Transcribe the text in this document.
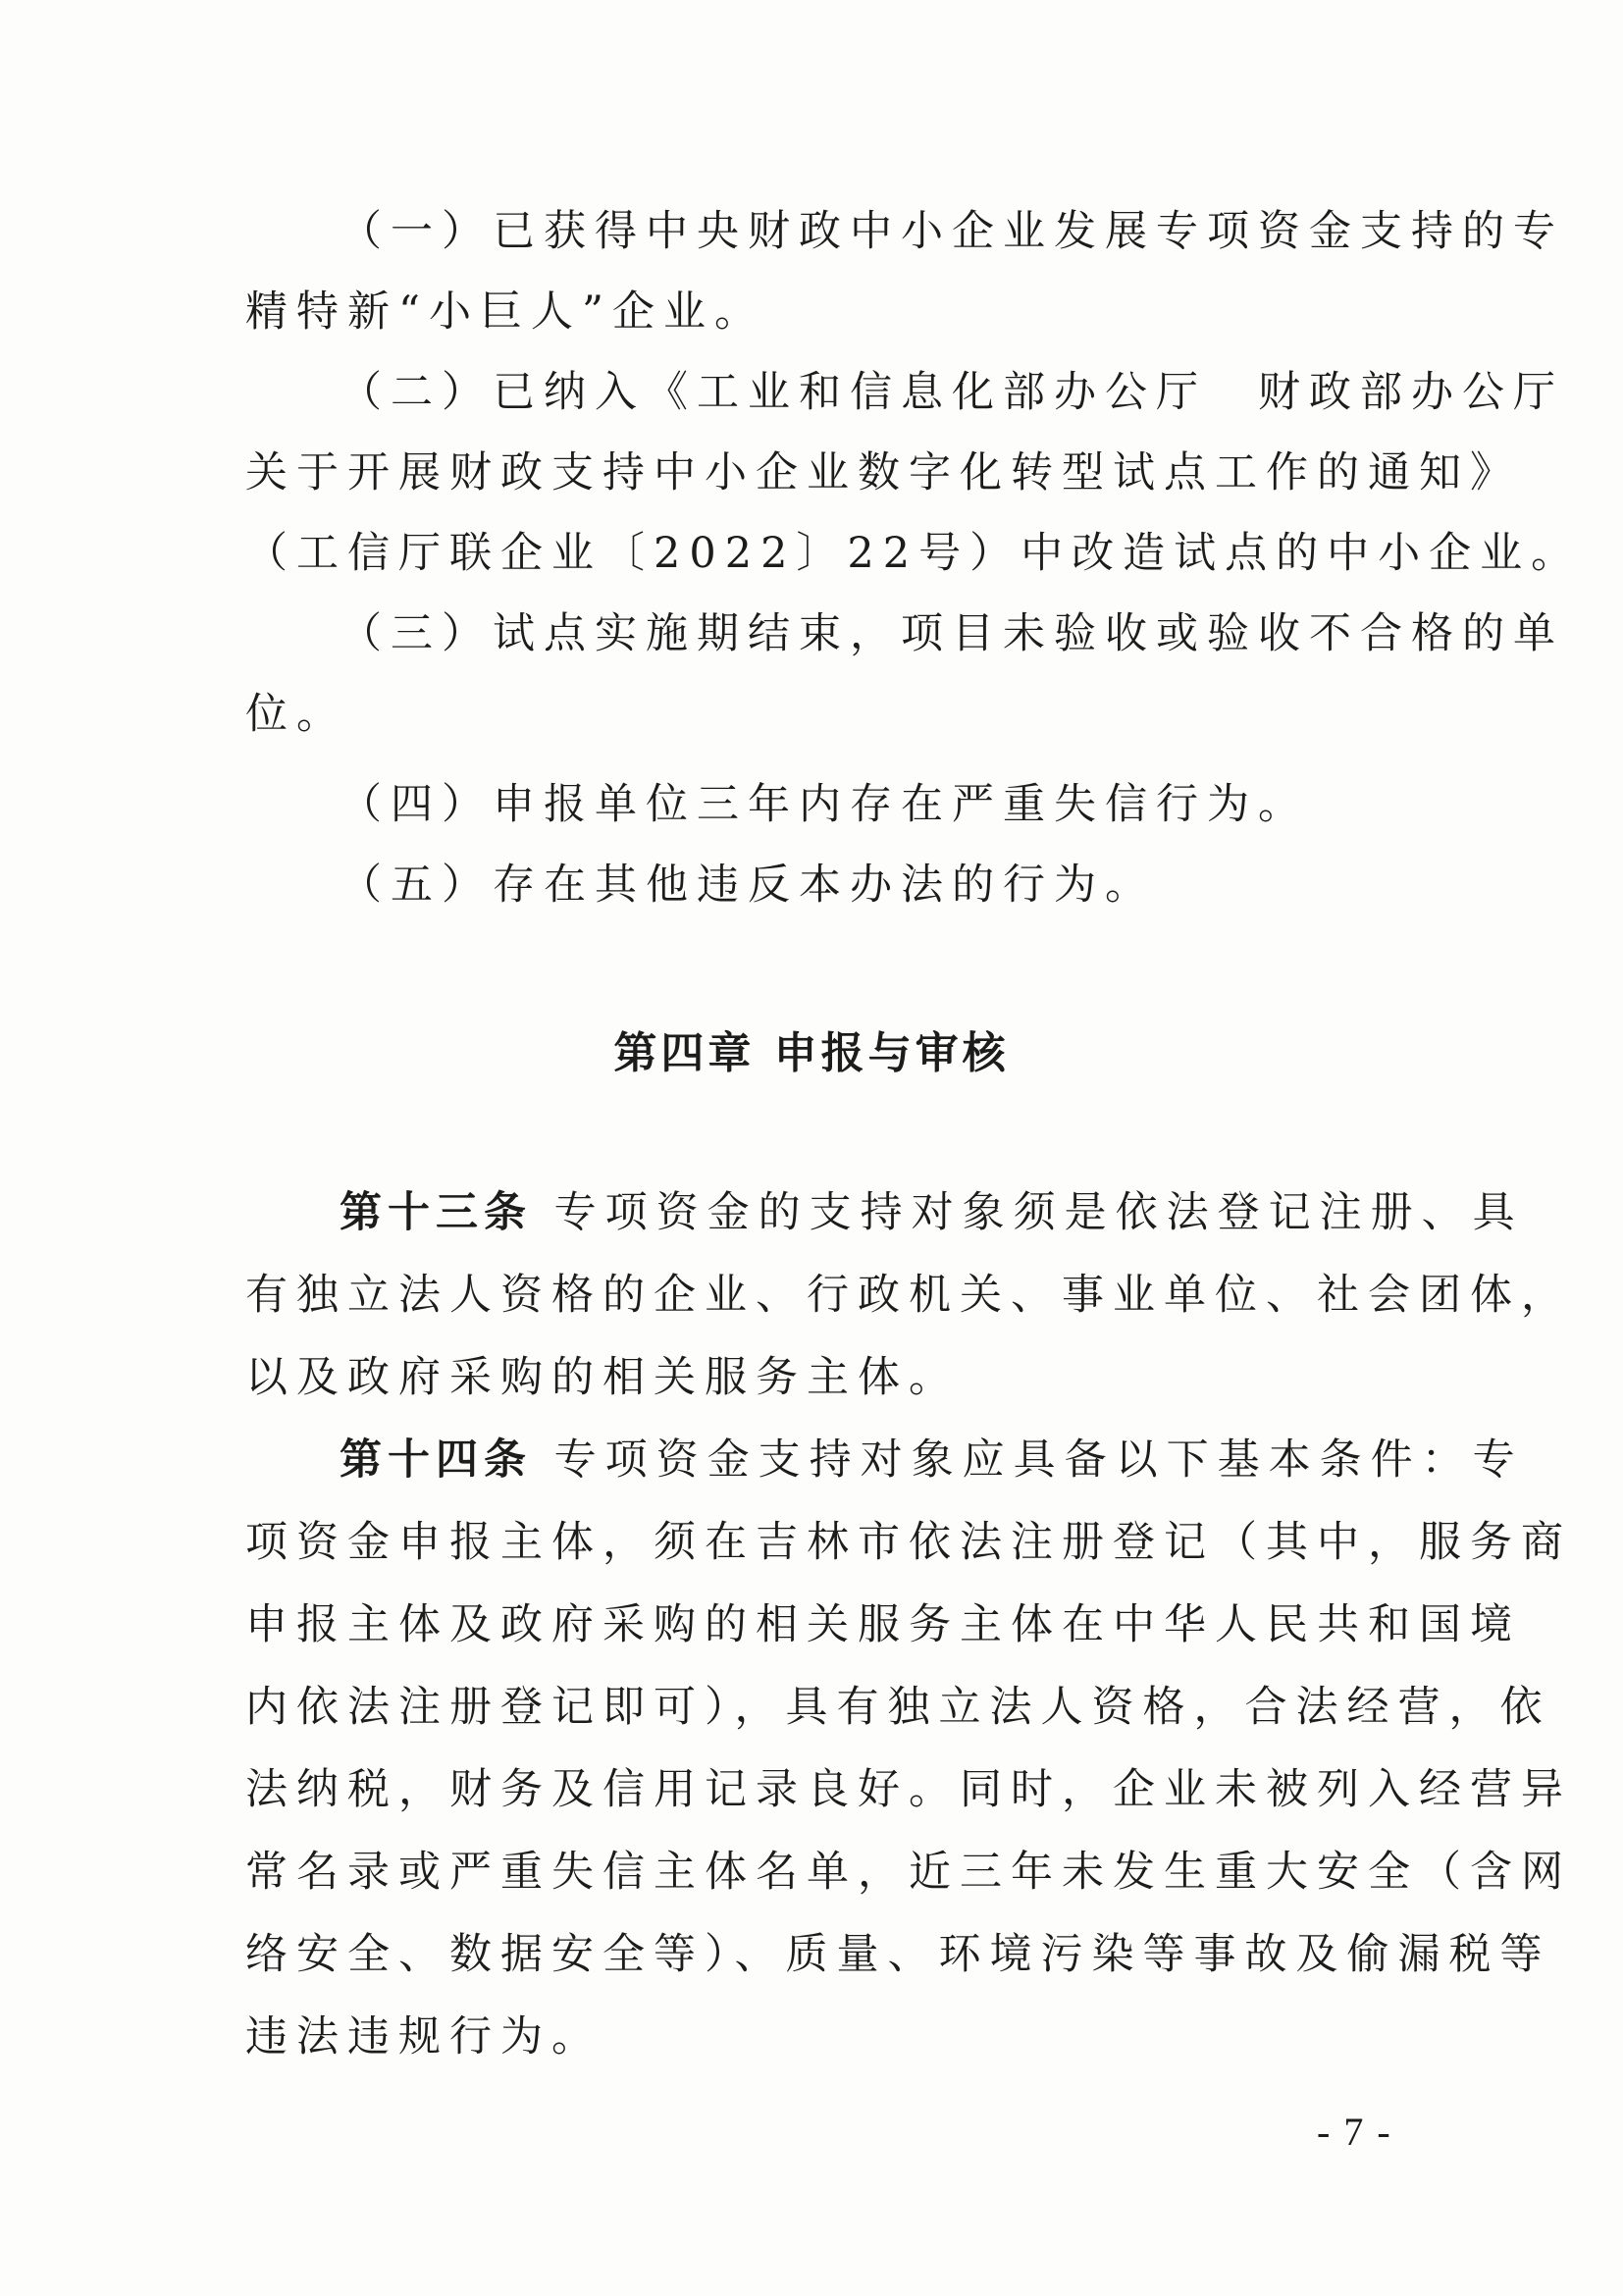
（一）已获得中央财政中小企业发展专项资金支持的专
精特新“小巨人”企业。
（二）已纳入《工业和信息化部办公厅　财政部办公厅
关于开展财政支持中小企业数字化转型试点工作的通知》
（工信厅联企业〔2022〕22号）中改造试点的中小企业。
（三）试点实施期结束，项目未验收或验收不合格的单
位。
（四）申报单位三年内存在严重失信行为。
（五）存在其他违反本办法的行为。
第四章 申报与审核
第十三条 专项资金的支持对象须是依法登记注册、具
有独立法人资格的企业、行政机关、事业单位、社会团体，
以及政府采购的相关服务主体。
第十四条 专项资金支持对象应具备以下基本条件：专
项资金申报主体，须在吉林市依法注册登记（其中，服务商
申报主体及政府采购的相关服务主体在中华人民共和国境
内依法注册登记即可），具有独立法人资格，合法经营，依
法纳税，财务及信用记录良好。同时，企业未被列入经营异
常名录或严重失信主体名单，近三年未发生重大安全（含网
络安全、数据安全等）、质量、环境污染等事故及偷漏税等
违法违规行为。
- 7 -
